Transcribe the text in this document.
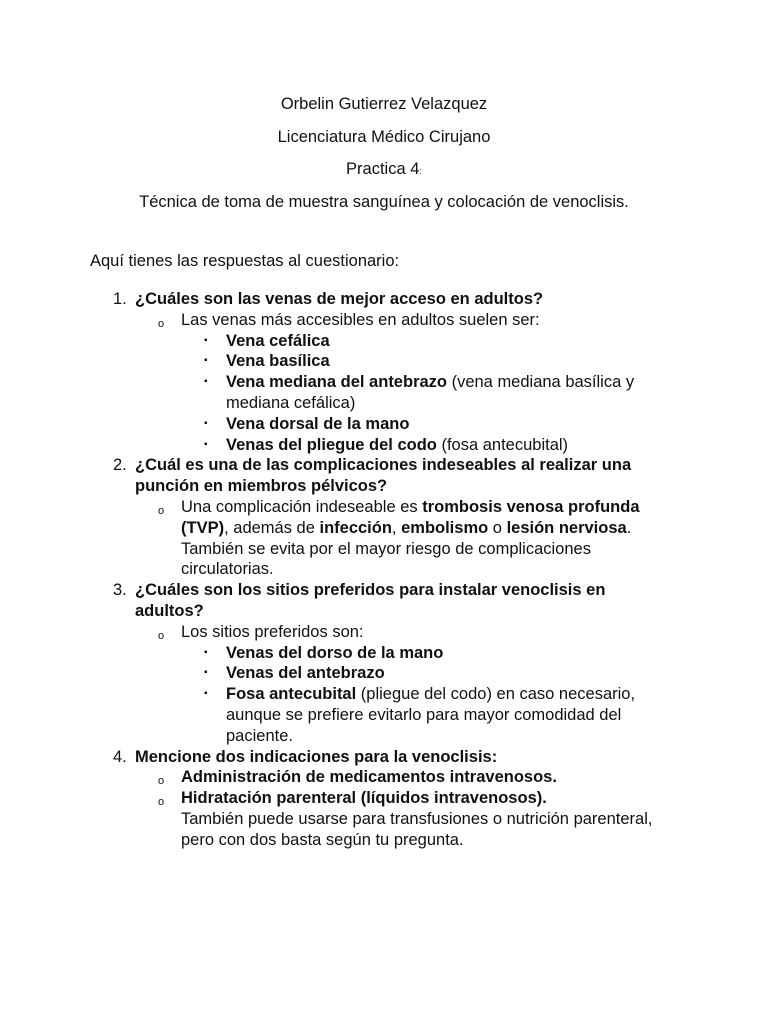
Orbelin Gutierrez Velazquez
Licenciatura Médico Cirujano
Practica 4:
Técnica de toma de muestra sanguínea y colocación de venoclisis.
Aquí tienes las respuestas al cuestionario:
1. ¿Cuáles son las venas de mejor acceso en adultos?
o Las venas más accesibles en adultos suelen ser:
▪ Vena cefálica
▪ Vena basílica
▪ Vena mediana del antebrazo (vena mediana basílica y mediana cefálica)
▪ Vena dorsal de la mano
▪ Venas del pliegue del codo (fosa antecubital)
2. ¿Cuál es una de las complicaciones indeseables al realizar una punción en miembros pélvicos?
o Una complicación indeseable es trombosis venosa profunda (TVP), además de infección, embolismo o lesión nerviosa. También se evita por el mayor riesgo de complicaciones circulatorias.
3. ¿Cuáles son los sitios preferidos para instalar venoclisis en adultos?
o Los sitios preferidos son:
▪ Venas del dorso de la mano
▪ Venas del antebrazo
▪ Fosa antecubital (pliegue del codo) en caso necesario, aunque se prefiere evitarlo para mayor comodidad del paciente.
4. Mencione dos indicaciones para la venoclisis:
o Administración de medicamentos intravenosos.
o Hidratación parenteral (líquidos intravenosos).
También puede usarse para transfusiones o nutrición parenteral, pero con dos basta según tu pregunta.
